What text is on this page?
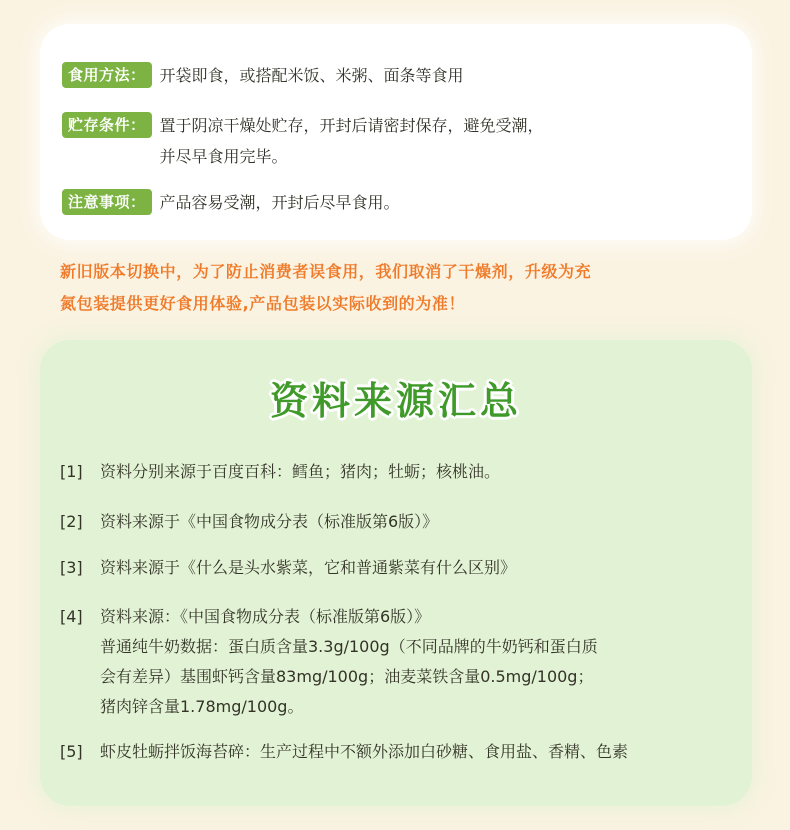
食用方法： 开袋即食，或搭配米饭、米粥、面条等食用
贮存条件： 置于阴凉干燥处贮存，开封后请密封保存，避免受潮，
并尽早食用完毕。
注意事项： 产品容易受潮，开封后尽早食用。
新旧版本切换中，为了防止消费者误食用，我们取消了干燥剂，升级为充
氮包装提供更好食用体验,产品包装以实际收到的为准！
资料来源汇总
[1] 资料分别来源于百度百科：鳕鱼；猪肉；牡蛎；核桃油。
[2] 资料来源于《中国食物成分表（标准版第6版）》
[3] 资料来源于《什么是头水紫菜，它和普通紫菜有什么区别》
[4] 资料来源：《中国食物成分表（标准版第6版）》
普通纯牛奶数据：蛋白质含量3.3g/100g（不同品牌的牛奶钙和蛋白质
会有差异）基围虾钙含量83mg/100g；油麦菜铁含量0.5mg/100g；
猪肉锌含量1.78mg/100g。
[5] 虾皮牡蛎拌饭海苔碎：生产过程中不额外添加白砂糖、食用盐、香精、色素
